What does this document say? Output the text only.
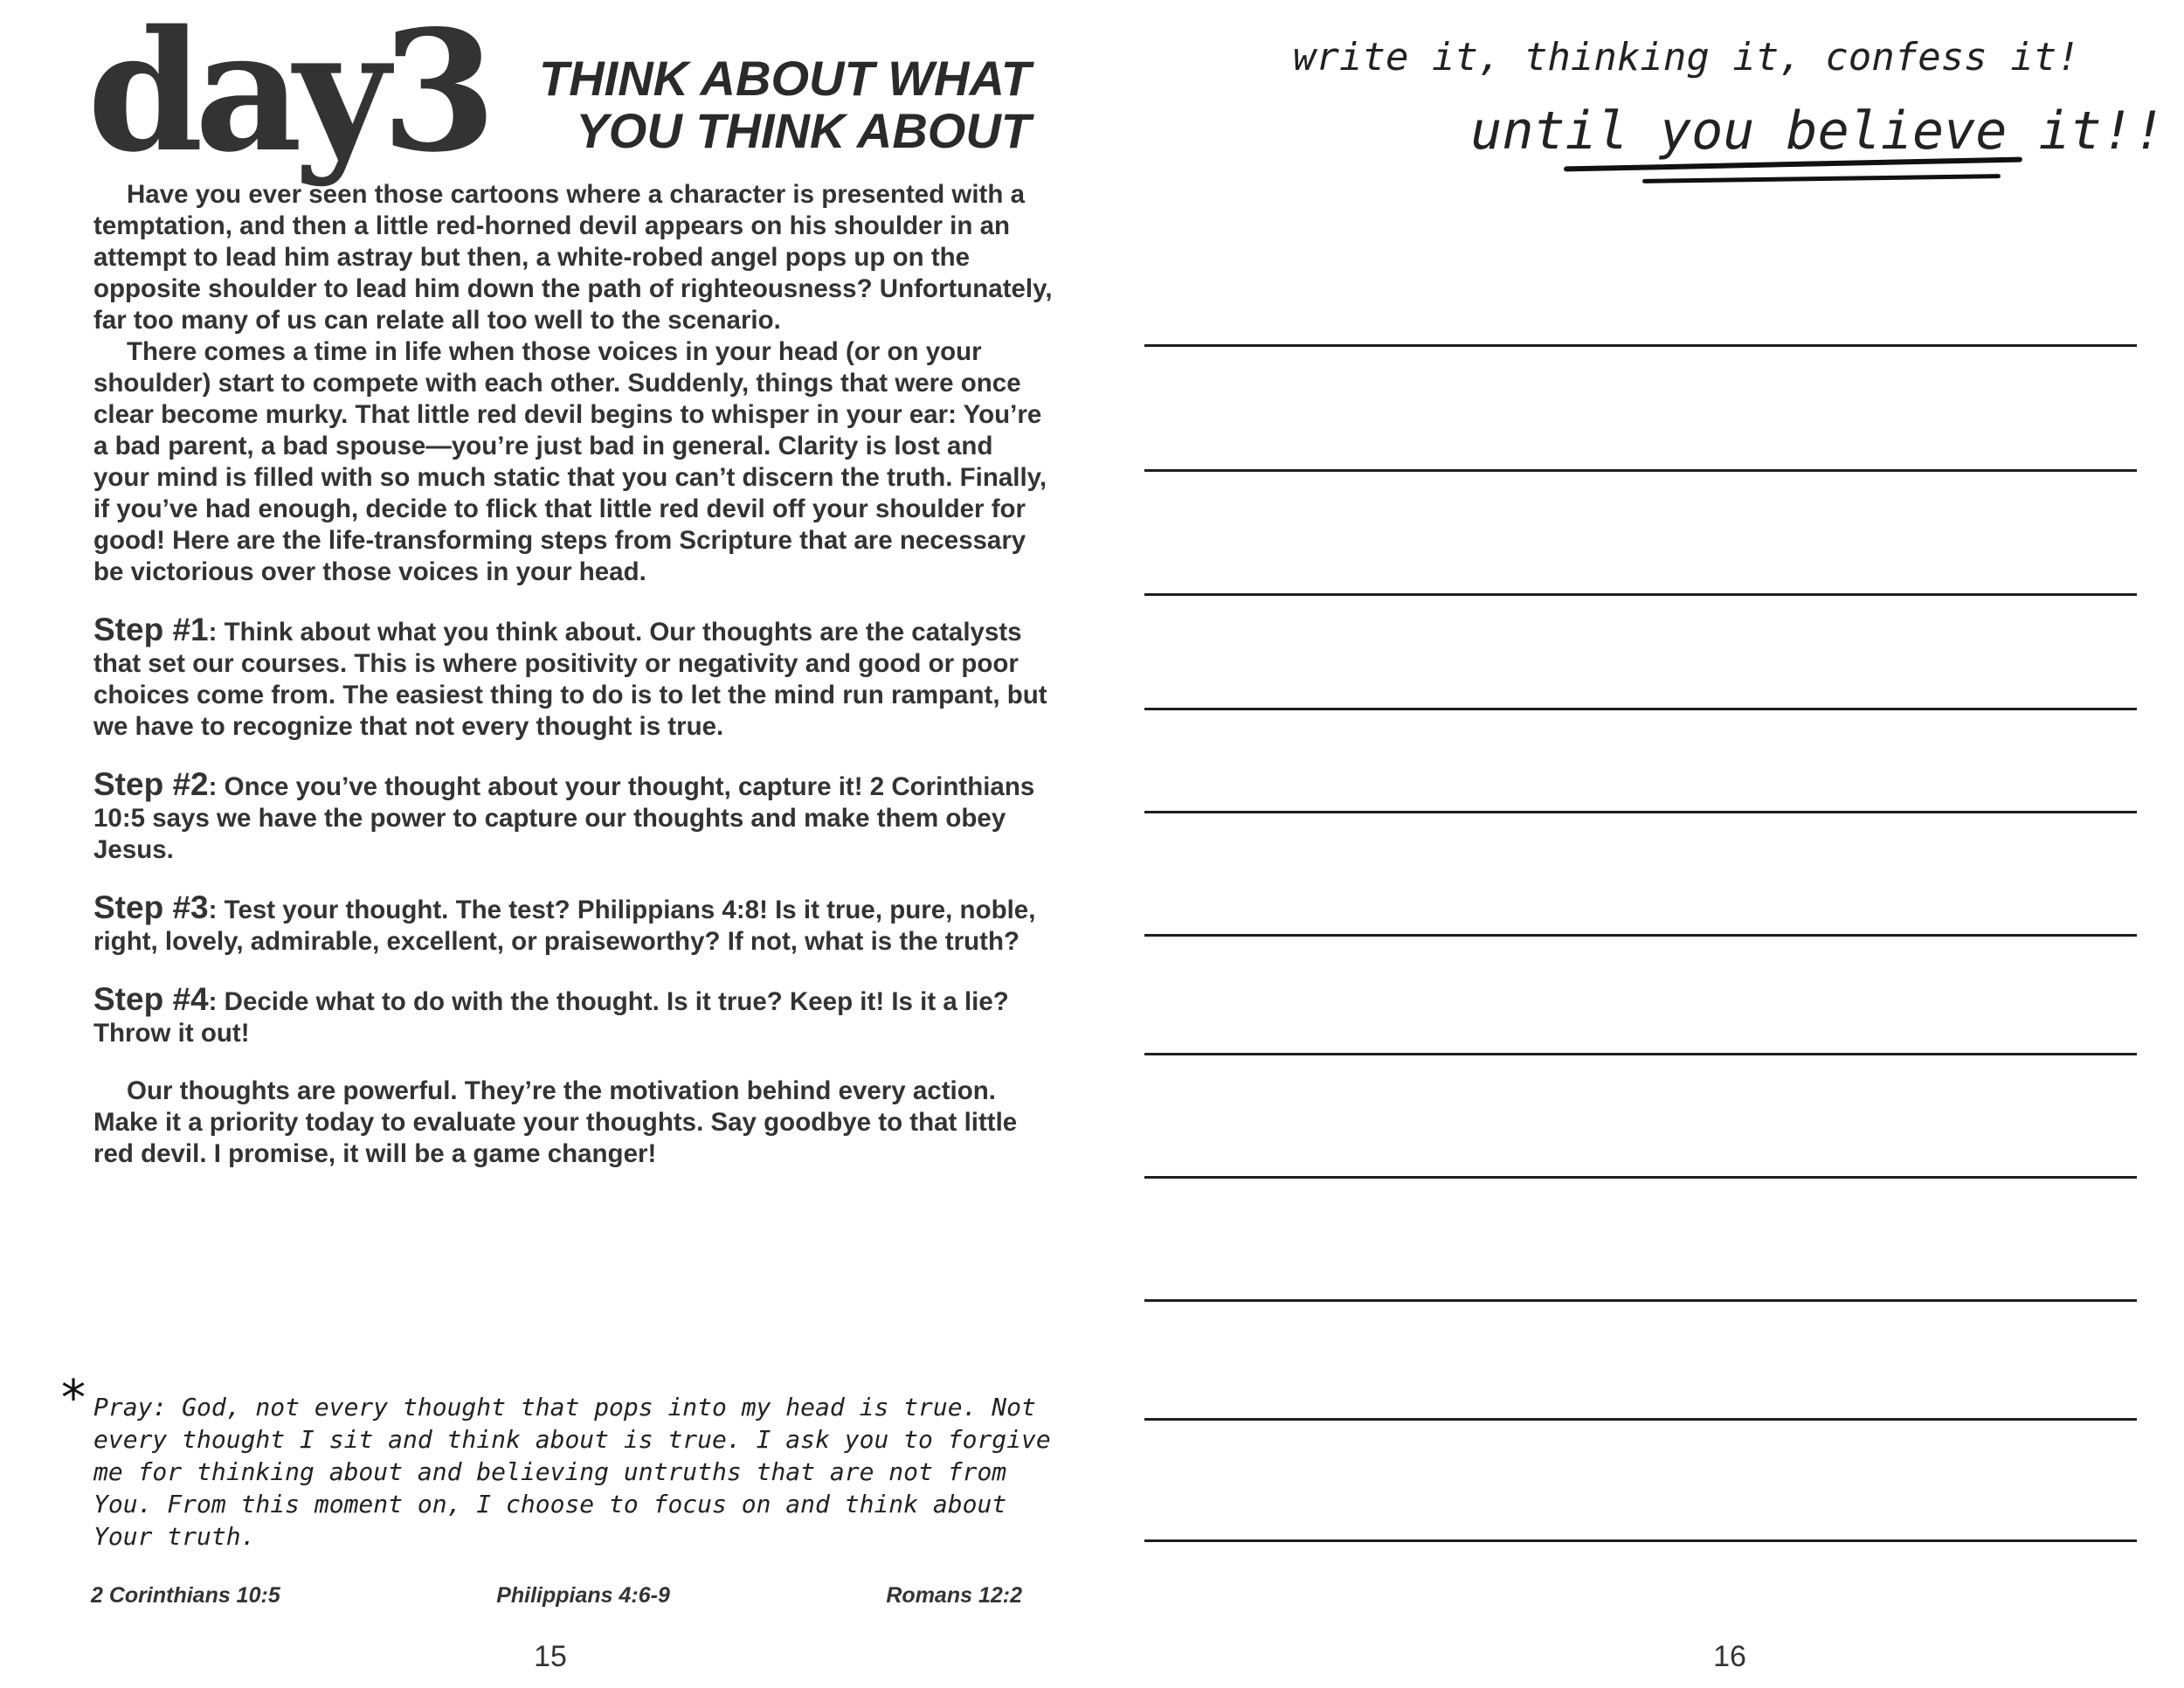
day3	THINK ABOUT WHAT
YOU THINK ABOUT

Have you ever seen those cartoons where a character is presented with a temptation, and then a little red-horned devil appears on his shoulder in an attempt to lead him astray but then, a white-robed angel pops up on the opposite shoulder to lead him down the path of righteousness? Unfortunately, far too many of us can relate all too well to the scenario.

There comes a time in life when those voices in your head (or on your shoulder) start to compete with each other. Suddenly, things that were once clear become murky. That little red devil begins to whisper in your ear: You’re a bad parent, a bad spouse—you’re just bad in general. Clarity is lost and your mind is filled with so much static that you can’t discern the truth. Finally, if you’ve had enough, decide to flick that little red devil off your shoulder for good! Here are the life-transforming steps from Scripture that are necessary be victorious over those voices in your head.

Step #1: Think about what you think about. Our thoughts are the catalysts that set our courses. This is where positivity or negativity and good or poor choices come from. The easiest thing to do is to let the mind run rampant, but we have to recognize that not every thought is true.

Step #2: Once you’ve thought about your thought, capture it! 2 Corinthians 10:5 says we have the power to capture our thoughts and make them obey Jesus.

Step #3: Test your thought. The test? Philippians 4:8! Is it true, pure, noble, right, lovely, admirable, excellent, or praiseworthy? If not, what is the truth?

Step #4: Decide what to do with the thought. Is it true? Keep it! Is it a lie? Throw it out!

Our thoughts are powerful. They’re the motivation behind every action. Make it a priority today to evaluate your thoughts. Say goodbye to that little red devil. I promise, it will be a game changer!

* Pray: God, not every thought that pops into my head is true. Not every thought I sit and think about is true. I ask you to forgive me for thinking about and believing untruths that are not from You. From this moment on, I choose to focus on and think about Your truth.
2 Corinthians 10:5	Philippians 4:6-9	Romans 12:2
15
write it, thinking it, confess it!
until you believe it!!
16
